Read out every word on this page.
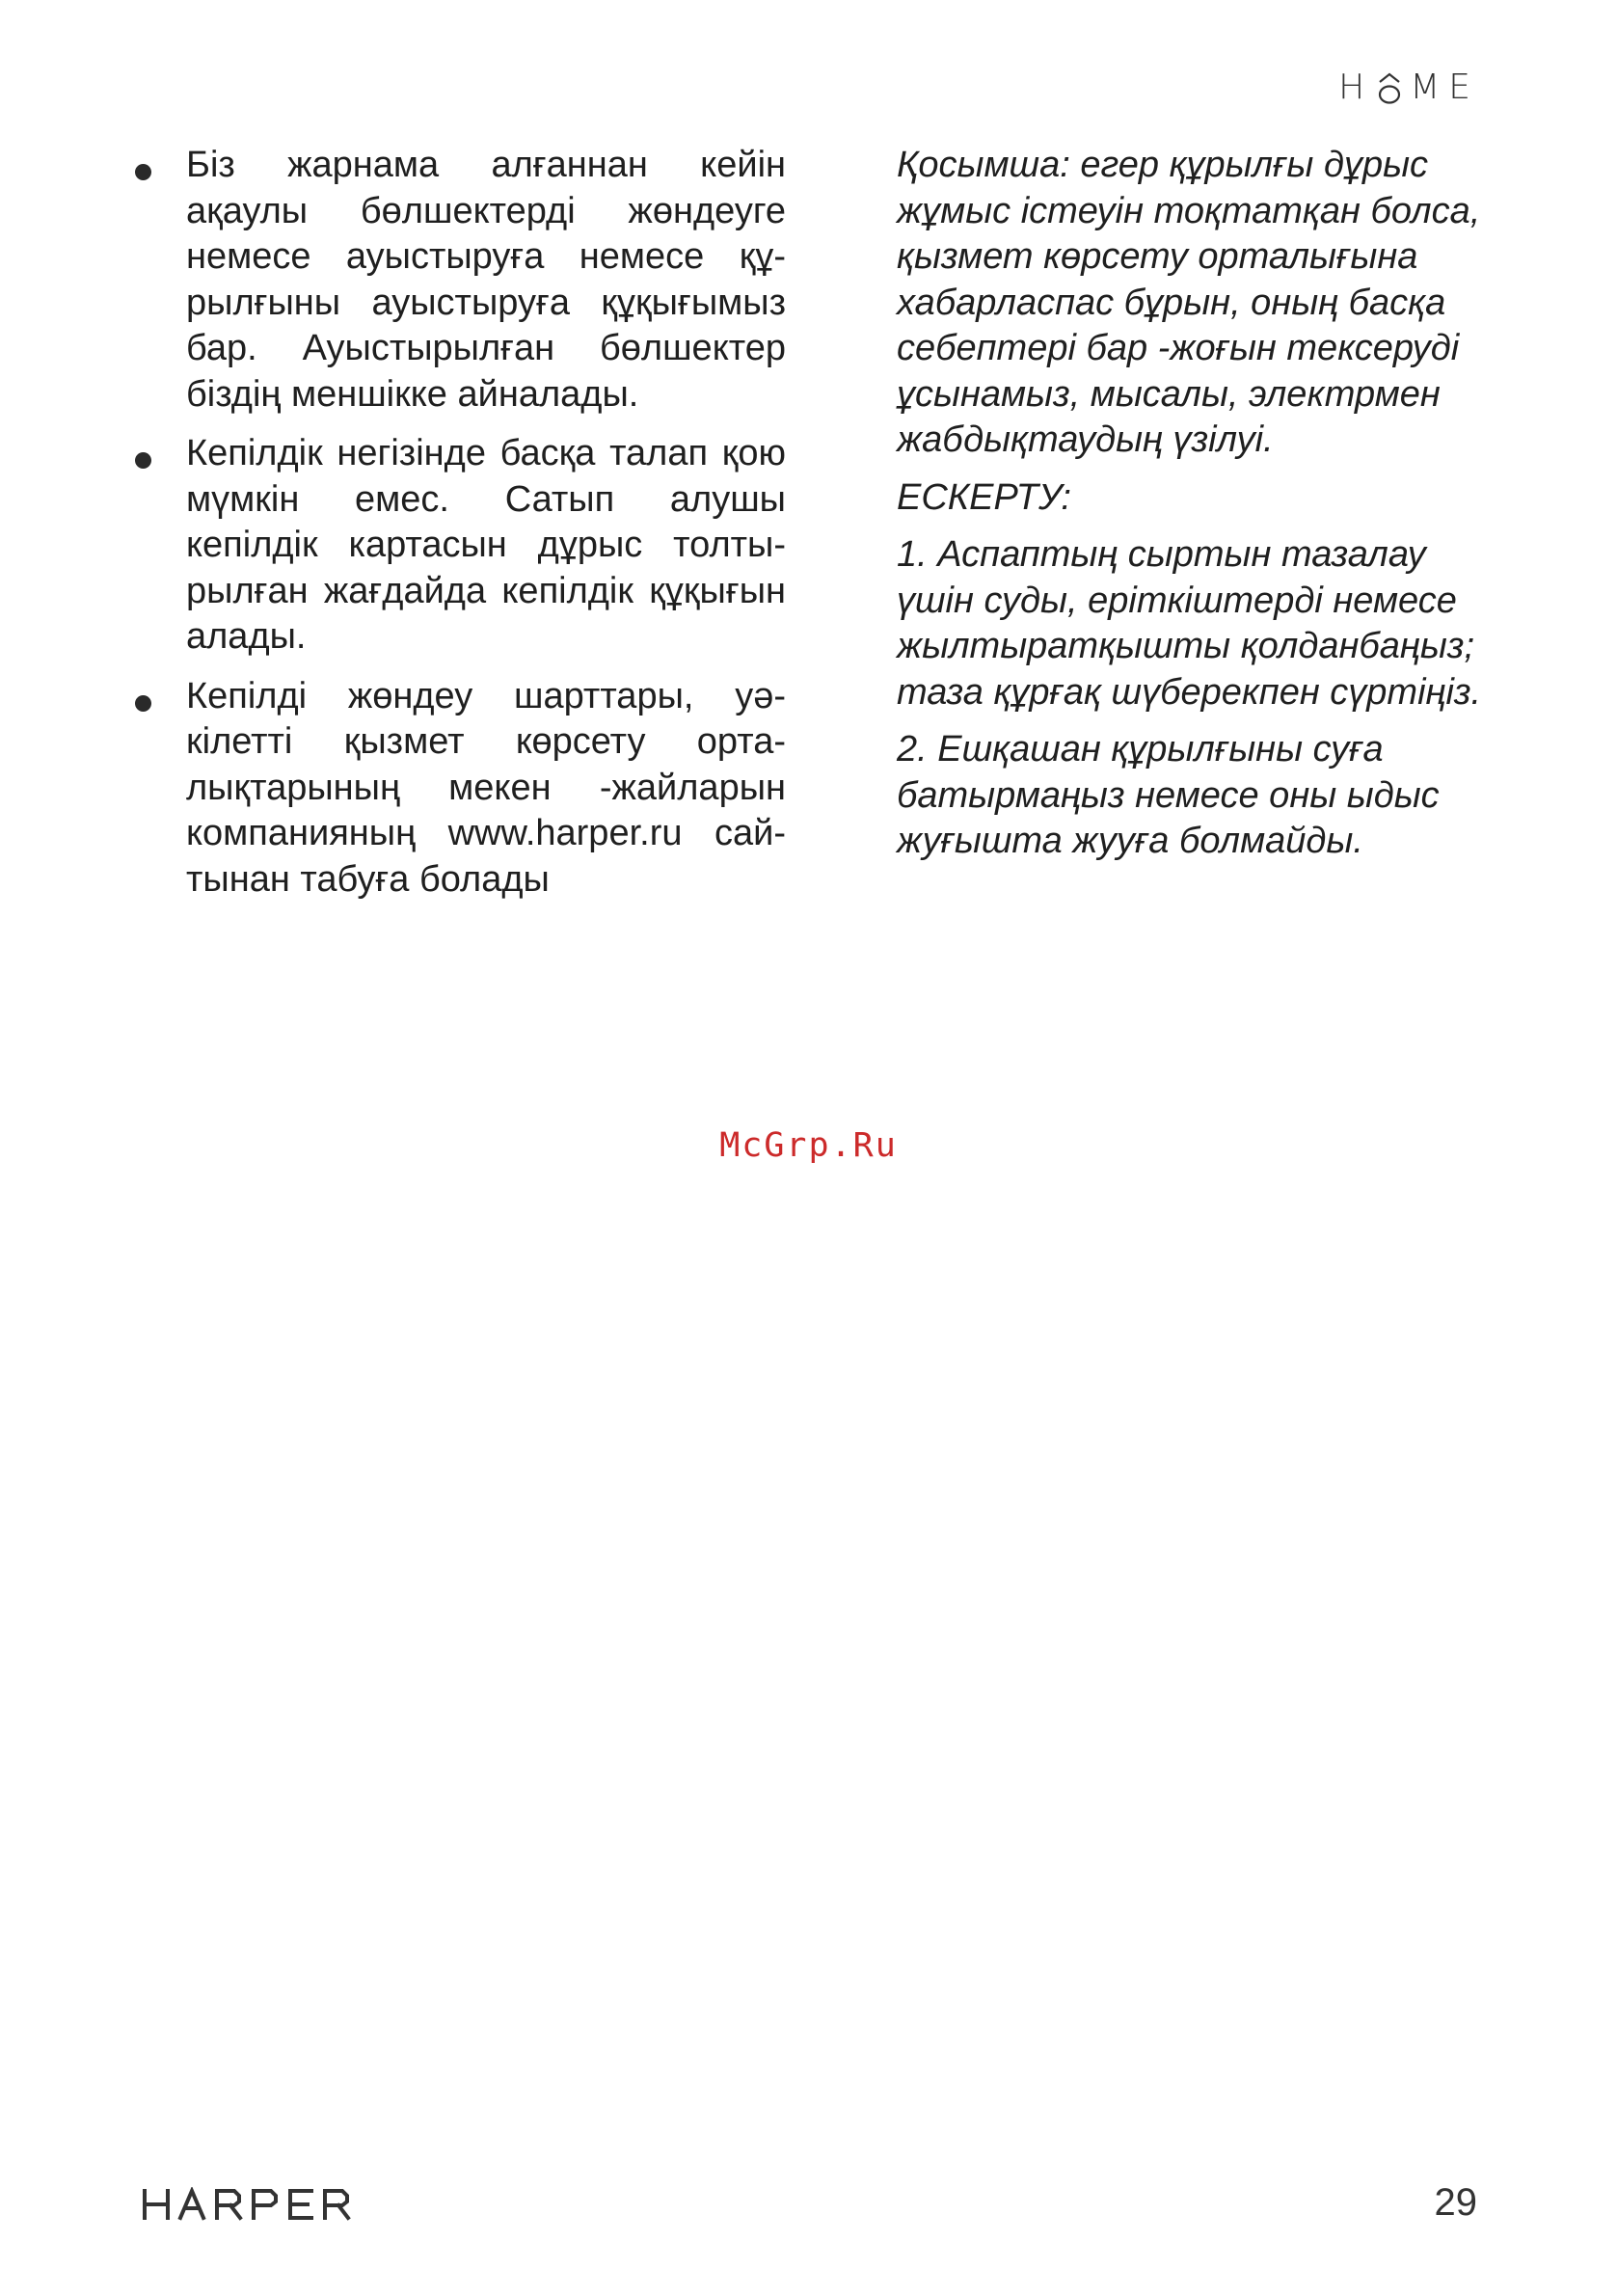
H ME
Біз жарнама алғаннан кейін ақаулы бөлшектерді жөндеуге немесе ауыстыруға немесе құрылғыны ауыстыруға құқығымыз бар. Ауыстырылған бөлшектер біздің меншікке айналады.
Кепілдік негізінде басқа талап қою мүмкін емес. Сатып алушы кепілдік картасын дұрыс толтырылған жағдайда кепілдік құқығын алады.
Кепілді жөндеу шарттары, уәкілетті қызмет көрсету орталықтарының мекен -жайларын компанияның www.harper.ru сайтынан табуға болады

Қосымша: егер құрылғы дұрыс жұмыс істеуін тоқтатқан болса, қызмет көрсету орталығына хабарласпас бұрын, оның басқа себептері бар -жоғын тексеруді ұсынамыз, мысалы, электрмен жабдықтаудың үзілуі.

ЕСКЕРТУ:

1. Аспаптың сыртын тазалау үшін суды, еріткіштерді немесе жылтыратқышты қолданбаңыз; таза құрғақ шүберекпен сүртіңіз.

2. Ешқашан құрылғыны суға батырмаңыз немесе оны ыдыс жуғышта жууға болмайды.

McGrp.Ru
29
